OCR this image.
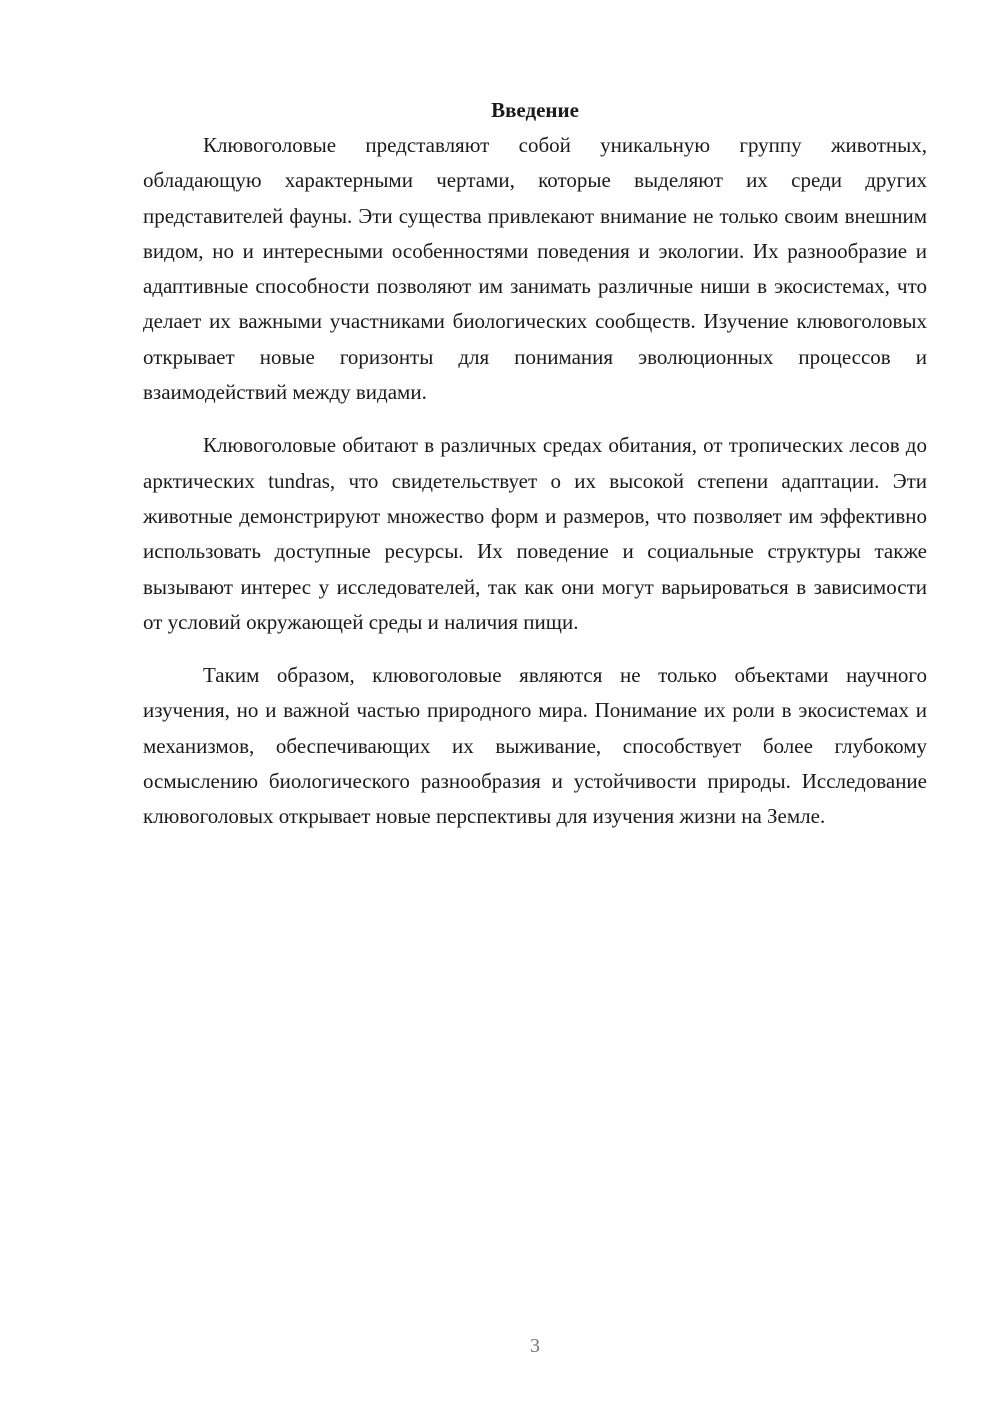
Введение

Клювоголовые представляют собой уникальную группу животных, обладающую характерными чертами, которые выделяют их среди других представителей фауны. Эти существа привлекают внимание не только своим внешним видом, но и интересными особенностями поведения и экологии. Их разнообразие и адаптивные способности позволяют им занимать различные ниши в экосистемах, что делает их важными участниками биологических сообществ. Изучение клювоголовых открывает новые горизонты для понимания эволюционных процессов и взаимодействий между видами.

Клювоголовые обитают в различных средах обитания, от тропических лесов до арктических tundras, что свидетельствует о их высокой степени адаптации. Эти животные демонстрируют множество форм и размеров, что позволяет им эффективно использовать доступные ресурсы. Их поведение и социальные структуры также вызывают интерес у исследователей, так как они могут варьироваться в зависимости от условий окружающей среды и наличия пищи.

Таким образом, клювоголовые являются не только объектами научного изучения, но и важной частью природного мира. Понимание их роли в экосистемах и механизмов, обеспечивающих их выживание, способствует более глубокому осмыслению биологического разнообразия и устойчивости природы. Исследование клювоголовых открывает новые перспективы для изучения жизни на Земле.

3
